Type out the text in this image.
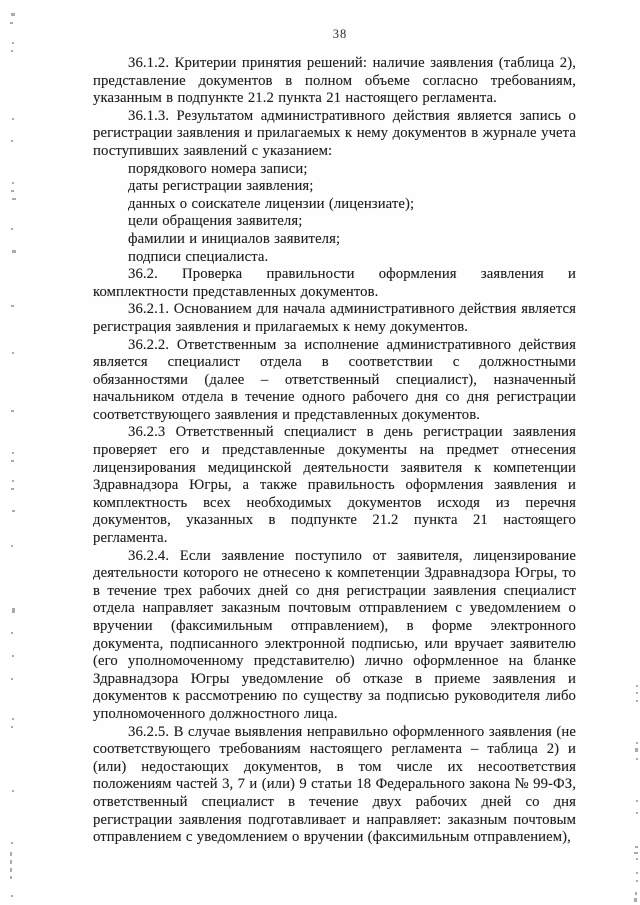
38

36.1.2. Критерии принятия решений: наличие заявления (таблица 2), представление документов в полном объеме согласно требованиям, указанным в подпункте 21.2 пункта 21 настоящего регламента.

36.1.3. Результатом административного действия является запись о регистрации заявления и прилагаемых к нему документов в журнале учета поступивших заявлений с указанием:

порядкового номера записи;

даты регистрации заявления;

данных о соискателе лицензии (лицензиате);

цели обращения заявителя;

фамилии и инициалов заявителя;

подписи специалиста.

36.2. Проверка правильности оформления заявления и комплектности представленных документов.

36.2.1. Основанием для начала административного действия является регистрация заявления и прилагаемых к нему документов.

36.2.2. Ответственным за исполнение административного действия является специалист отдела в соответствии с должностными обязанностями (далее – ответственный специалист), назначенный начальником отдела в течение одного рабочего дня со дня регистрации соответствующего заявления и представленных документов.

36.2.3 Ответственный специалист в день регистрации заявления проверяет его и представленные документы на предмет отнесения лицензирования медицинской деятельности заявителя к компетенции Здравнадзора Югры, а также правильность оформления заявления и комплектность всех необходимых документов исходя из перечня документов, указанных в подпункте 21.2 пункта 21 настоящего регламента.

36.2.4. Если заявление поступило от заявителя, лицензирование деятельности которого не отнесено к компетенции Здравнадзора Югры, то в течение трех рабочих дней со дня регистрации заявления специалист отдела направляет заказным почтовым отправлением с уведомлением о вручении (факсимильным отправлением), в форме электронного документа, подписанного электронной подписью, или вручает заявителю (его уполномоченному представителю) лично оформленное на бланке Здравнадзора Югры уведомление об отказе в приеме заявления и документов к рассмотрению по существу за подписью руководителя либо уполномоченного должностного лица.

36.2.5. В случае выявления неправильно оформленного заявления (не соответствующего требованиям настоящего регламента – таблица 2) и (или) недостающих документов, в том числе их несоответствия положениям частей 3, 7 и (или) 9 статьи 18 Федерального закона № 99-ФЗ, ответственный специалист в течение двух рабочих дней со дня регистрации заявления подготавливает и направляет: заказным почтовым отправлением с уведомлением о вручении (факсимильным отправлением),
